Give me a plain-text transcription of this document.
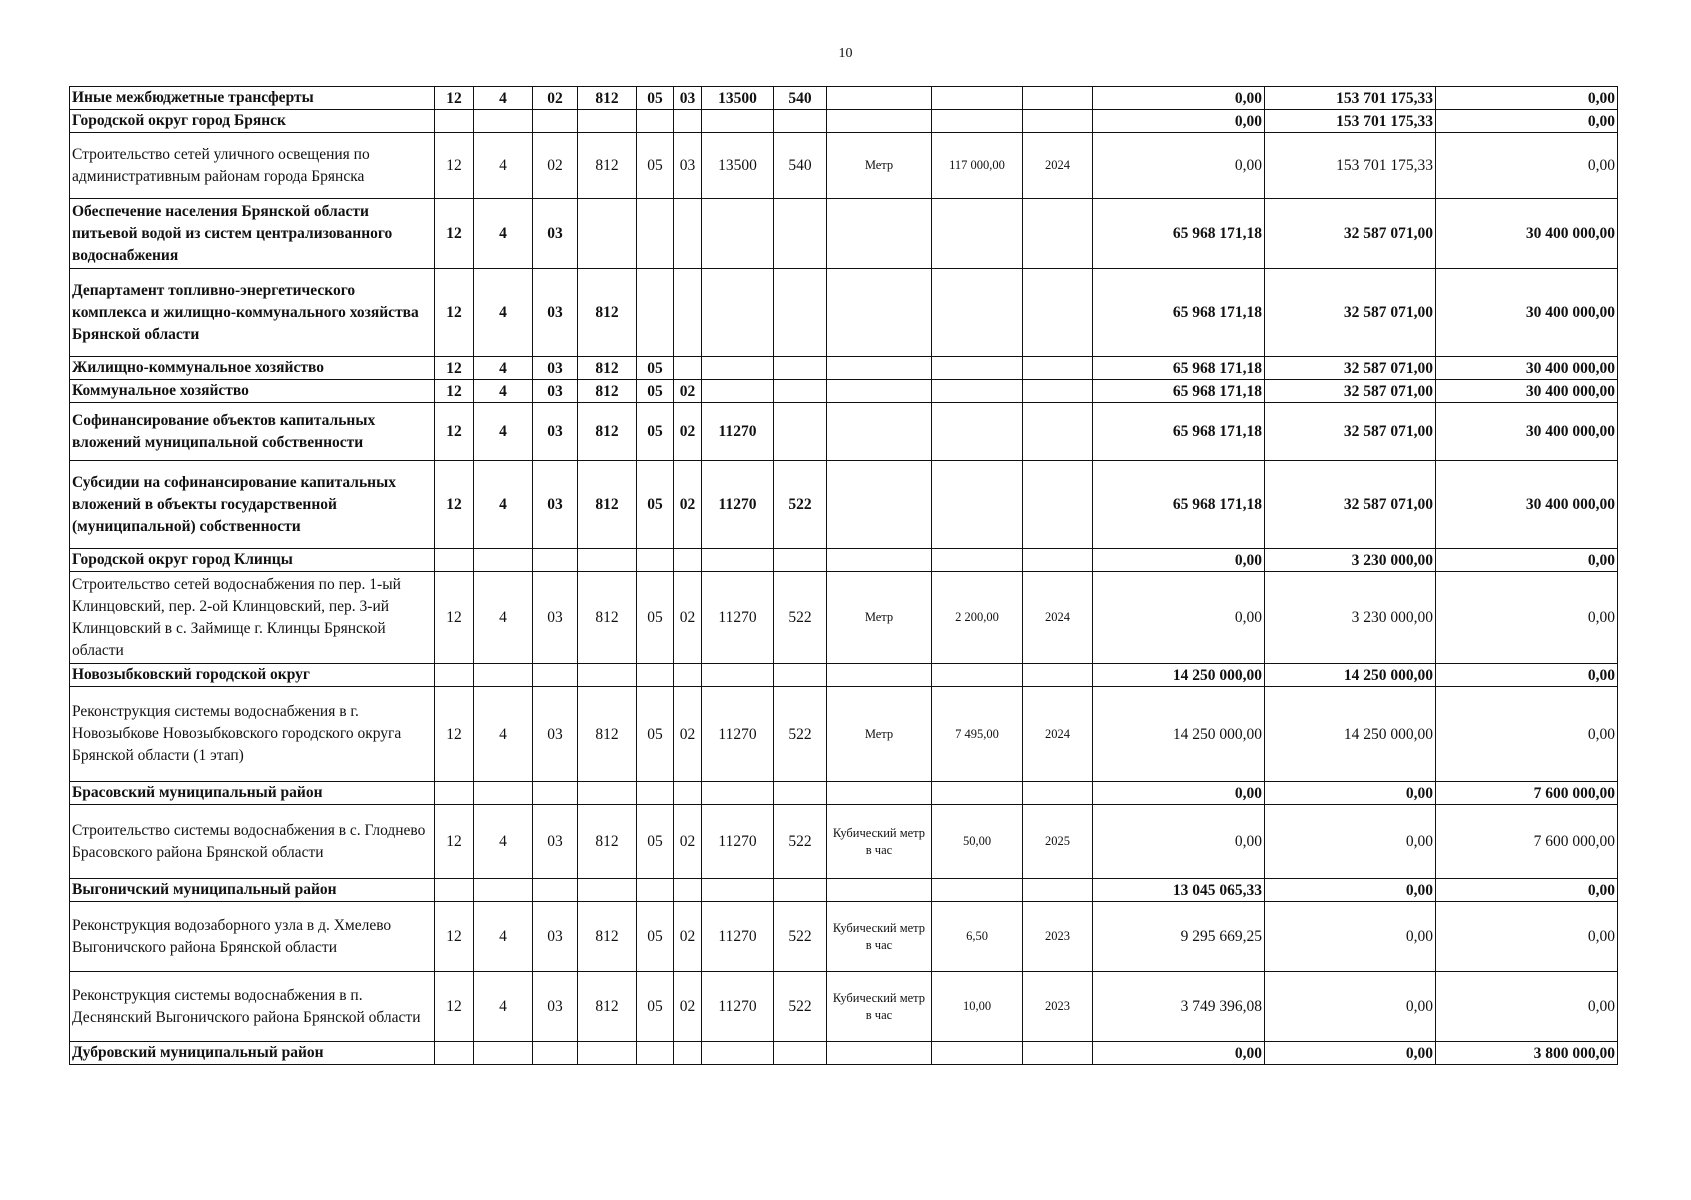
10
Иные межбюджетные трансферты	12	4	02	812	05	03	13500	540				0,00	153 701 175,33	0,00
Городской округ город Брянск												0,00	153 701 175,33	0,00
Строительство сетей уличного освещения по административным районам города Брянска	12	4	02	812	05	03	13500	540	Метр	117 000,00	2024	0,00	153 701 175,33	0,00
Обеспечение населения Брянской области питьевой водой из систем централизованного водоснабжения	12	4	03									65 968 171,18	32 587 071,00	30 400 000,00
Департамент топливно-энергетического комплекса и жилищно-коммунального хозяйства Брянской области	12	4	03	812								65 968 171,18	32 587 071,00	30 400 000,00
Жилищно-коммунальное хозяйство	12	4	03	812	05							65 968 171,18	32 587 071,00	30 400 000,00
Коммунальное хозяйство	12	4	03	812	05	02						65 968 171,18	32 587 071,00	30 400 000,00
Софинансирование объектов капитальных вложений муниципальной собственности	12	4	03	812	05	02	11270					65 968 171,18	32 587 071,00	30 400 000,00
Субсидии на софинансирование капитальных вложений в объекты государственной (муниципальной) собственности	12	4	03	812	05	02	11270	522				65 968 171,18	32 587 071,00	30 400 000,00
Городской округ город Клинцы												0,00	3 230 000,00	0,00
Строительство сетей водоснабжения по пер. 1-ый Клинцовский, пер. 2-ой Клинцовский, пер. 3-ий Клинцовский в с. Займище г. Клинцы Брянской области	12	4	03	812	05	02	11270	522	Метр	2 200,00	2024	0,00	3 230 000,00	0,00
Новозыбковский городской округ												14 250 000,00	14 250 000,00	0,00
Реконструкция системы водоснабжения в г. Новозыбкове Новозыбковского городского округа Брянской области (1 этап)	12	4	03	812	05	02	11270	522	Метр	7 495,00	2024	14 250 000,00	14 250 000,00	0,00
Брасовский муниципальный район												0,00	0,00	7 600 000,00
Строительство системы водоснабжения в с. Глоднево Брасовского района Брянской области	12	4	03	812	05	02	11270	522	Кубический метр в час	50,00	2025	0,00	0,00	7 600 000,00
Выгоничский муниципальный район												13 045 065,33	0,00	0,00
Реконструкция водозаборного узла в д. Хмелево Выгоничского района Брянской области	12	4	03	812	05	02	11270	522	Кубический метр в час	6,50	2023	9 295 669,25	0,00	0,00
Реконструкция системы водоснабжения в п. Деснянский Выгоничского района Брянской области	12	4	03	812	05	02	11270	522	Кубический метр в час	10,00	2023	3 749 396,08	0,00	0,00
Дубровский муниципальный район												0,00	0,00	3 800 000,00
